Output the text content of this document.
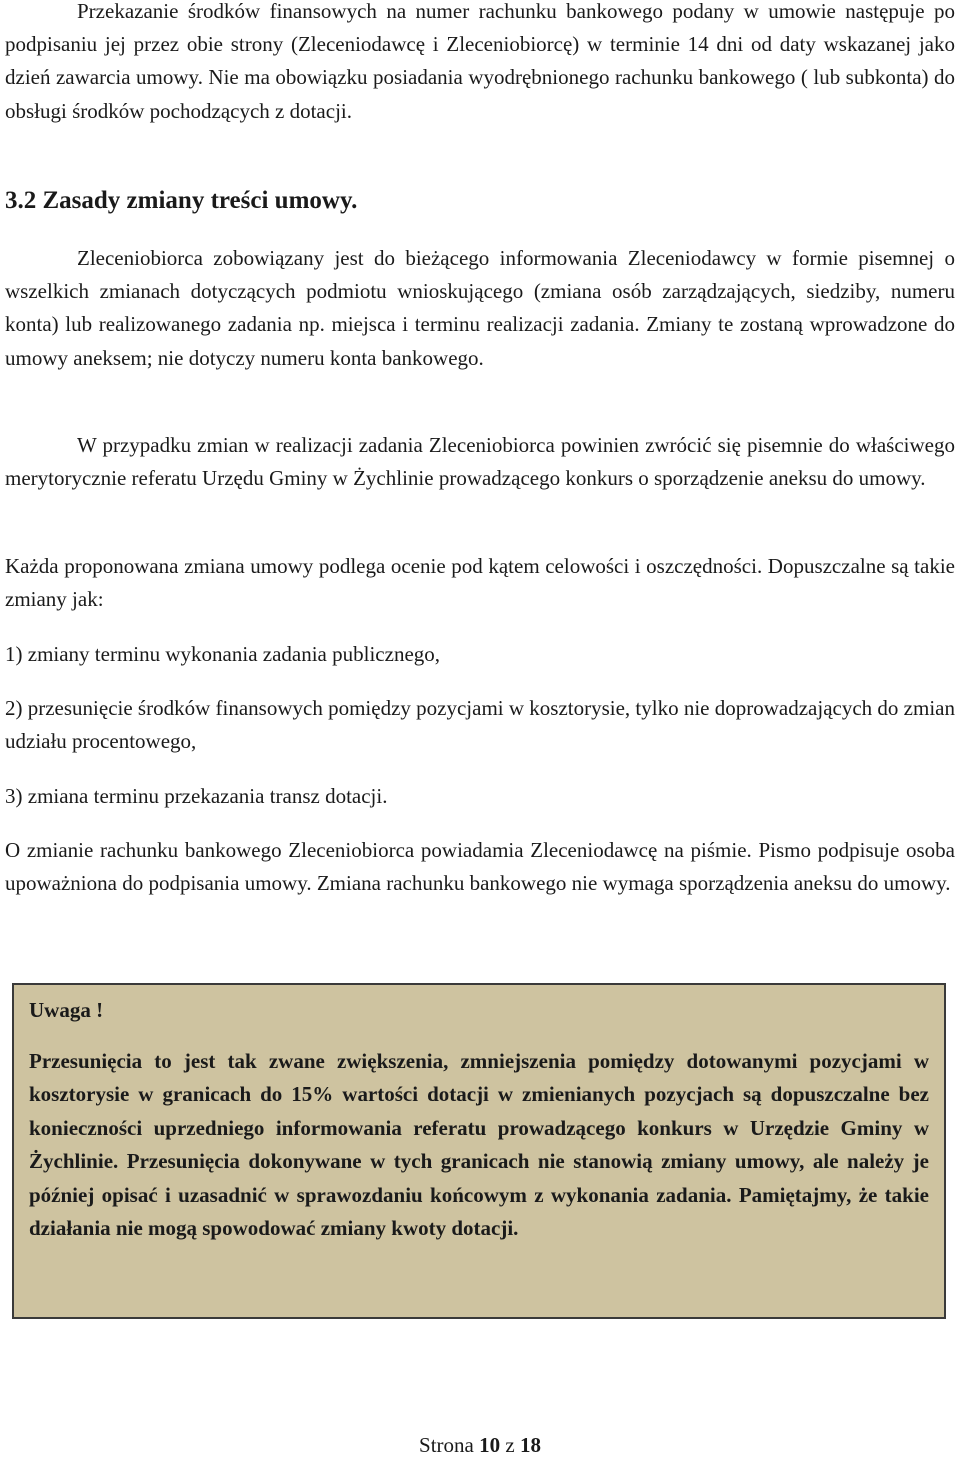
Przekazanie środków finansowych na numer rachunku bankowego podany w umowie następuje po podpisaniu jej przez obie strony (Zleceniodawcę i Zleceniobiorcę) w terminie 14 dni od daty wskazanej jako dzień zawarcia umowy. Nie ma obowiązku posiadania wyodrębnionego rachunku bankowego ( lub subkonta) do obsługi środków pochodzących z dotacji.

3.2 Zasady zmiany treści umowy.

Zleceniobiorca zobowiązany jest do bieżącego informowania Zleceniodawcy w formie pisemnej o wszelkich zmianach dotyczących podmiotu wnioskującego (zmiana osób zarządzających, siedziby, numeru konta) lub realizowanego zadania np. miejsca i terminu realizacji zadania. Zmiany te zostaną wprowadzone do umowy aneksem; nie dotyczy numeru konta bankowego.

W przypadku zmian w realizacji zadania Zleceniobiorca powinien zwrócić się pisemnie do właściwego merytorycznie referatu Urzędu Gminy w Żychlinie prowadzącego konkurs o sporządzenie aneksu do umowy.

Każda proponowana zmiana umowy podlega ocenie pod kątem celowości i oszczędności. Dopuszczalne są takie zmiany jak:

1) zmiany terminu wykonania zadania publicznego,

2) przesunięcie środków finansowych pomiędzy pozycjami w kosztorysie, tylko nie doprowadzających do zmian udziału procentowego,

3) zmiana terminu przekazania transz dotacji.

O zmianie rachunku bankowego Zleceniobiorca powiadamia Zleceniodawcę na piśmie. Pismo podpisuje osoba upoważniona do podpisania umowy. Zmiana rachunku bankowego nie wymaga sporządzenia aneksu do umowy.

Uwaga !
Przesunięcia to jest tak zwane zwiększenia, zmniejszenia pomiędzy dotowanymi pozycjami w kosztorysie w granicach do 15% wartości dotacji w zmienianych pozycjach są dopuszczalne bez konieczności uprzedniego informowania referatu prowadzącego konkurs w Urzędzie Gminy w Żychlinie. Przesunięcia dokonywane w tych granicach nie stanowią zmiany umowy, ale należy je później opisać i uzasadnić w sprawozdaniu końcowym z wykonania zadania. Pamiętajmy, że takie działania nie mogą spowodować zmiany kwoty dotacji.
Strona 10 z 18
